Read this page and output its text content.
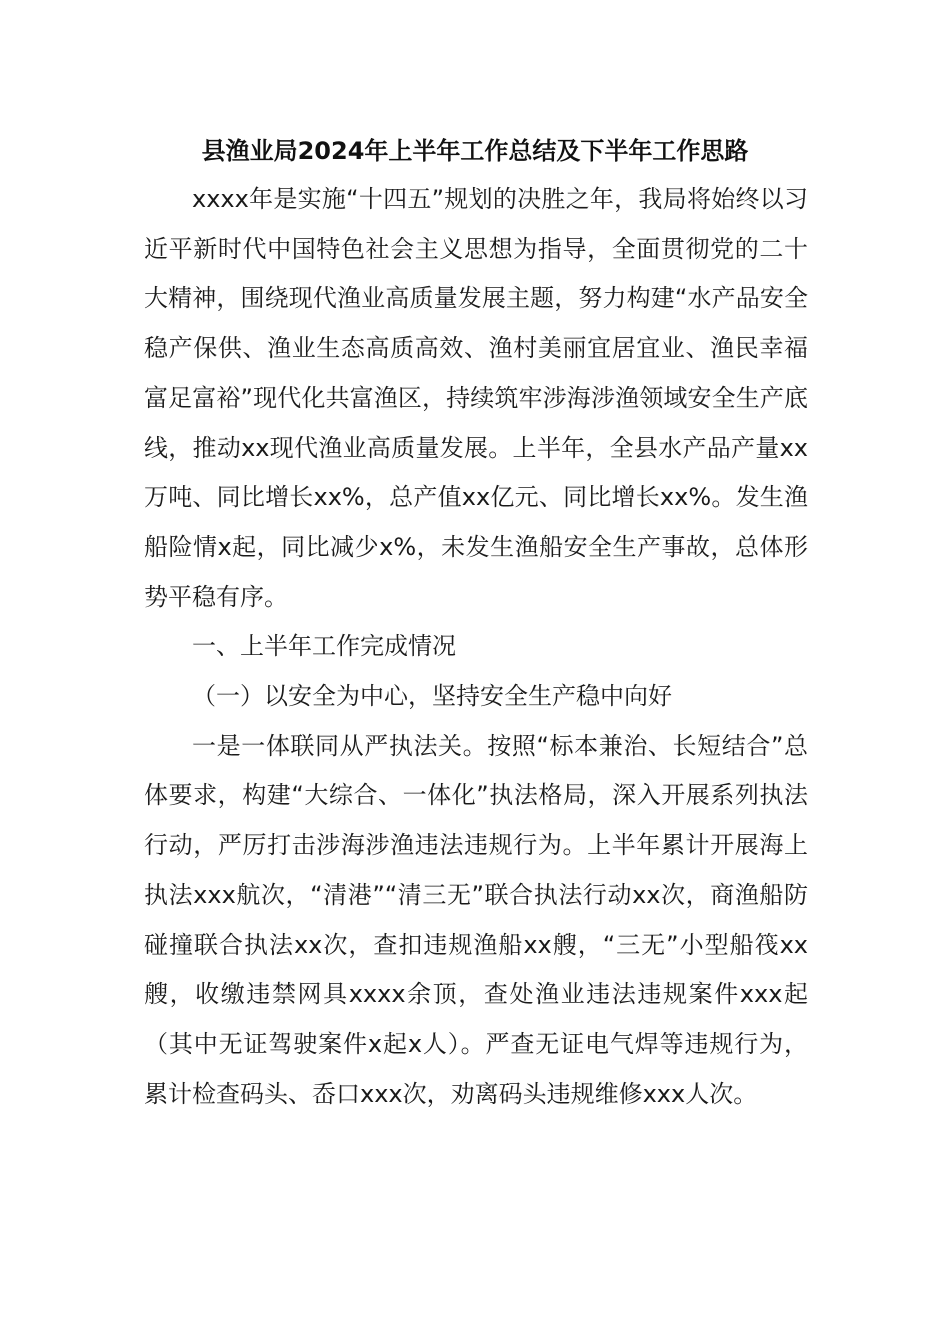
县渔业局2024年上半年工作总结及下半年工作思路

xxxx年是实施“十四五”规划的决胜之年，我局将始终以习近平新时代中国特色社会主义思想为指导，全面贯彻党的二十大精神，围绕现代渔业高质量发展主题，努力构建“水产品安全稳产保供、渔业生态高质高效、渔村美丽宜居宜业、渔民幸福富足富裕”现代化共富渔区，持续筑牢涉海涉渔领域安全生产底线，推动xx现代渔业高质量发展。上半年，全县水产品产量xx万吨、同比增长xx%，总产值xx亿元、同比增长xx%。发生渔船险情x起，同比减少x%，未发生渔船安全生产事故，总体形势平稳有序。

一、上半年工作完成情况

（一）以安全为中心，坚持安全生产稳中向好

一是一体联同从严执法关。按照“标本兼治、长短结合”总体要求，构建“大综合、一体化”执法格局，深入开展系列执法行动，严厉打击涉海涉渔违法违规行为。上半年累计开展海上执法xxx航次，“清港”“清三无”联合执法行动xx次，商渔船防碰撞联合执法xx次，查扣违规渔船xx艘，“三无”小型船筏xx艘，收缴违禁网具xxxx余顶，查处渔业违法违规案件xxx起（其中无证驾驶案件x起x人）。严查无证电气焊等违规行为，累计检查码头、岙口xxx次，劝离码头违规维修xxx人次。
